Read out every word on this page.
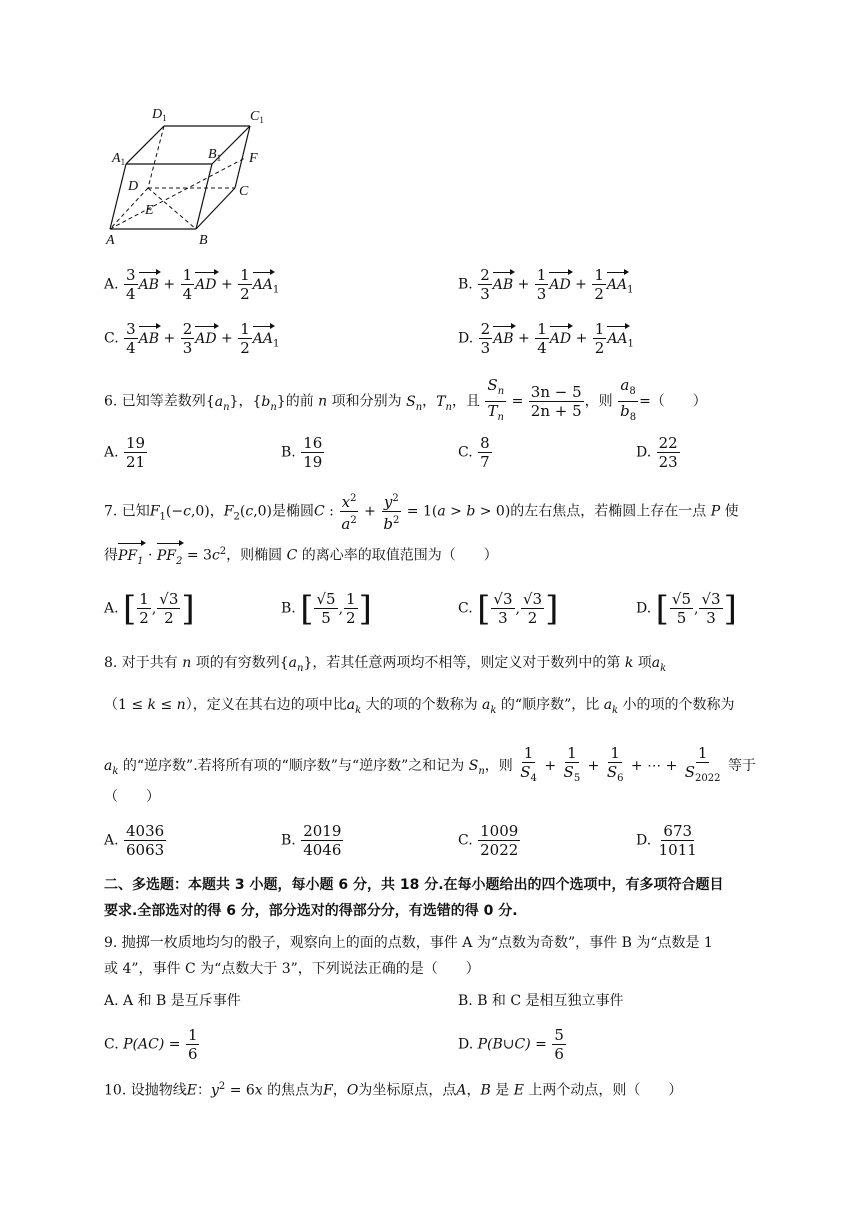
$D_1$	$C_1$
$A_1$	$B_1$ F
D	C
E
A	B
A. $\frac{3}{4}$ AB + $\frac{1}{4}$ AD + $\frac{1}{2} AA_1$	B. $\frac{2}{3}$ AB + $\frac{1}{3}$ AD + $\frac{1}{2} AA_1$
C. $\frac{3}{4}$ AB + $\frac{2}{3}$ AD + $\frac{1}{2} AA_1$	D. $\frac{2}{3}$ AB + $\frac{1}{4}$ AD + $\frac{1}{2} AA_1$
6. 已知等差数列$\{a_n\}$，$\{b_n\}$的前 n 项和分别为 $S_n$，$T_n$，且 $\frac{S_n}{T_n} = \frac{3n - 5}{2n + 5}$ ，则 $\frac{a_8}{b_8}$ =（　　）
A. $\frac{19}{21}$	B. $\frac{16}{19}$	C. $\frac{8}{7}$	D. $\frac{22}{23}$
7. 已知$F_1(-c,0)$，$F_2(c,0)$是椭圆C : $\frac{x^2}{a^2} + \frac{y^2}{b^2} = 1(a > b > 0)$的左右焦点，若椭圆上存在一点 P 使
得$PF_1 \cdot PF_2 = 3c^2$，则椭圆 C 的离心率的取值范围为（　　）
A. [ $\frac{1}{2}$ , $\frac{√3}{2}$ ]	B. [ $\frac{√5}{5}$ , $\frac{1}{2}$ ]	C. [ $\frac{√3}{3}$ , $\frac{√3}{2}$ ]	D. [ $\frac{√5}{5}$ , $\frac{√3}{3}$ ]
8. 对于共有 n 项的有穷数列$\{a_n\}$，若其任意两项均不相等，则定义对于数列中的第 k 项$a_k$
（1 ≤ k ≤ n），定义在其右边的项中比$a_k$ 大的项的个数称为 $a_k$ 的“顺序数”，比 $a_k$ 小的项的个数称为
$a_k$ 的“逆序数”.若将所有项的“顺序数”与“逆序数”之和记为 $S_n$，则 $\frac{1}{S_4} + \frac{1}{S_5} + \frac{1}{S_6}$ + ⋯ + $\frac{1}{S_{2022}}$ 等于
（　　）
A. $\frac{4036}{6063}$	B. $\frac{2019}{4046}$	C. $\frac{1009}{2022}$	D. $\frac{673}{1011}$
二、多选题：本题共 3 小题，每小题 6 分，共 18 分.在每小题给出的四个选项中，有多项符合题目
要求.全部选对的得 6 分，部分选对的得部分分，有选错的得 0 分.
9. 抛掷一枚质地均匀的骰子，观察向上的面的点数，事件 A 为“点数为奇数”，事件 B 为“点数是 1
或 4”，事件 C 为“点数大于 3”，下列说法正确的是（　　）
A. A 和 B 是互斥事件	B. B 和 C 是相互独立事件
C. $P(AC) = \frac{1}{6}$	D. P(B∪C) = $\frac{5}{6}$
10. 设抛物线E：$y^2 = 6x$ 的焦点为F，O为坐标原点，点A，B 是 E 上两个动点，则（　　）
